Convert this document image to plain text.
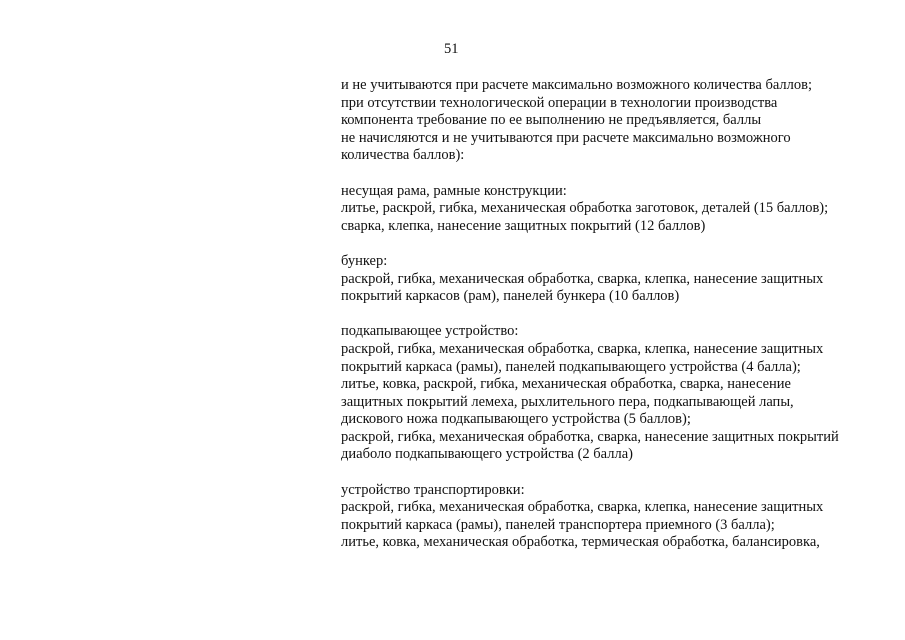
51
и не учитываются при расчете максимально возможного количества баллов;
при отсутствии технологической операции в технологии производства
компонента требование по ее выполнению не предъявляется, баллы
не начисляются и не учитываются при расчете максимально возможного
количества баллов):
несущая рама, рамные конструкции:
литье, раскрой, гибка, механическая обработка заготовок, деталей (15 баллов);
сварка, клепка, нанесение защитных покрытий (12 баллов)
бункер:
раскрой, гибка, механическая обработка, сварка, клепка, нанесение защитных
покрытий каркасов (рам), панелей бункера (10 баллов)
подкапывающее устройство:
раскрой, гибка, механическая обработка, сварка, клепка, нанесение защитных
покрытий каркаса (рамы), панелей подкапывающего устройства (4 балла);
литье, ковка, раскрой, гибка, механическая обработка, сварка, нанесение
защитных покрытий лемеха, рыхлительного пера, подкапывающей лапы,
дискового ножа подкапывающего устройства (5 баллов);
раскрой, гибка, механическая обработка, сварка, нанесение защитных покрытий
диаболо подкапывающего устройства (2 балла)
устройство транспортировки:
раскрой, гибка, механическая обработка, сварка, клепка, нанесение защитных
покрытий каркаса (рамы), панелей транспортера приемного (3 балла);
литье, ковка, механическая обработка, термическая обработка, балансировка,
